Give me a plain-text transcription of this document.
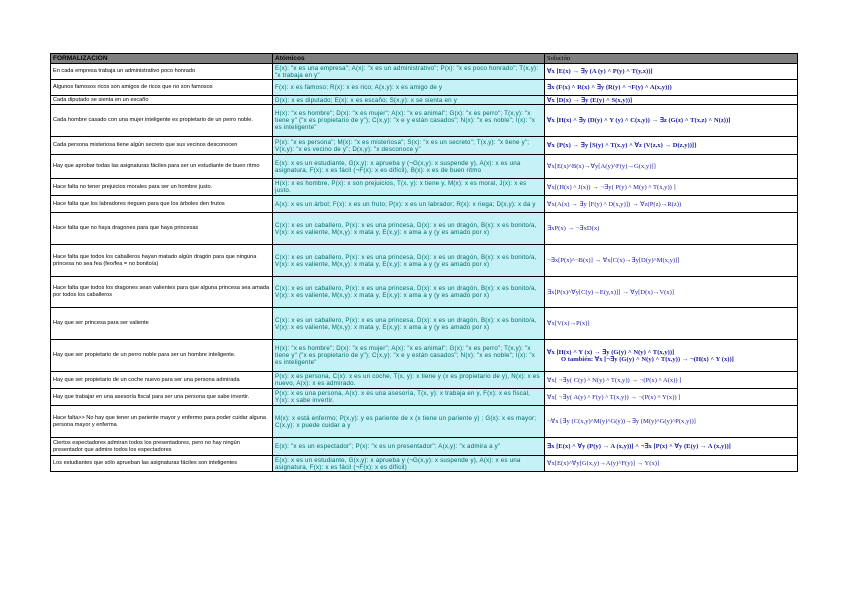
FORMALIZACION	Atómicos	Solución
En cada empresa trabaja un administrativo poco honrado	E(x): "x es una empresa"; A(x): "x es un administrativo"; P(x): "x es poco honrado"; T(x,y): "x trabaja en y"	∀x [E(x) → ∃y (A (y) ^ P(y) ^ T(y,x))]

Algunos famosos ricos son amigos de ricos que no son famosos	F(x): x es famoso; R(x): x es rico; A(x,y): x es amigo de y	∃x (F(x) ^ R(x) ^ ∃y (R(y) ^ ¬F(y) ^ A(x,y)))

Cada diputado se sienta en un escaño	D(x): x es diputado; E(x): x es escaño; S(x,y): x se sienta en y	∀x [D(x) → ∃y (E(y) ^ S(x,y))]

Cada hombre casado con una mujer inteligente es propietario de un perro noble.	H(x): "x es hombre"; D(x): "x es mujer"; A(x): "x es animal"; G(x): "x es perro"; T(x,y): "x tiene y" ("x es propietario de y"); C(x,y): "x e y están casados"; N(x): "x es noble"; I(x): "x es inteligente"	∀x [H(x) ^ ∃y (D(y) ^ Y (y) ^ C(x,y)) → ∃z (G(z) ^ T(x,z) ^ N(z))]

Cada persona misteriosa tiene algún secreto que sus vecinos desconocen	P(x): "x es persona"; M(x): "x es misteriosa"; S(x): "x es un secreto"; T(x,y): "x tiene y"; V(x,y): "x es vecino de y"; D(x,y): "x desconoce y"	∀x {P(x) → ∃y [S(y) ^ T(x,y) ^ ∀z (V(z,x) → D(z,y))]}

Hay que aprobar todas las asignaturas fáciles para ser un estudiante de buen ritmo	E(x): x es un estudiante, G(x,y): x aprueba y (¬G(x,y): x suspende y), A(x): x es una asignatura, F(x): x es fácil (¬F(x): x es difícil), B(x): x es de buen ritmo	∀x[E(x)^B(x)→∀y[A(y)^F(y)→G(x,y)]]

Hace falta no tener prejuicios morales para ser un hombre justo.	H(x): x es hombre, P(x): x son prejuicios, T(x, y): x tiene y, M(x): x es moral, J(x): x es justo.	∀x[(H(x) ^ J(x)) → ¬∃y( P(y) ^ M(y) ^ T(x,y)) ]

Hace falta que los labradores rieguen para que los árboles den frutos	A(x): x es un árbol; F(x): x es un fruto; P(x): x es un labrador; R(x): x riega; D(x,y): x da y	∀x(A(x) → ∃y [F(y) ^ D(x,y)]) → ∀z(P(z)→R(z))

Hace falta que no haya dragones para que haya princesas	C(x): x es un caballero, P(x): x es una princesa, D(x): x es un dragón, B(x): x es bonito/a, V(x): x es valiente, M(x,y): x mata y, E(x,y): x ama a y (y es amado por x)	∃xP(x) → ¬∃xD(x)

Hace falta que todos los caballeros hayan matado algún dragón para que ninguna princesa no sea fea (feo/fea = no bonito/a)	C(x): x es un caballero, P(x): x es una princesa, D(x): x es un dragón, B(x): x es bonito/a, V(x): x es valiente, M(x,y): x mata y, E(x,y): x ama a y (y es amado por x)	¬∃x[P(x)^¬B(x)] → ∀x[C(x)→∃y[D(y)^M(x,y)]]

Hace falta que todos los dragones sean valientes para que alguna princesa sea amada por todos los caballeros	C(x): x es un caballero, P(x): x es una princesa, D(x): x es un dragón, B(x): x es bonito/a, V(x): x es valiente, M(x,y): x mata y, E(x,y): x ama a y (y es amado por x)	∃x[P(x)^∀y[C(y)→E(y,x)]] → ∀y[D(x)→V(x)]

Hay que ser princesa para ser valiente	C(x): x es un caballero, P(x): x es una princesa, D(x): x es un dragón, B(x): x es bonito/a, V(x): x es valiente, M(x,y): x mata y, E(x,y): x ama a y (y es amado por x)	∀x[V(x)→P(x)]

Hay que ser propietario de un perro noble para ser un hombre inteligente.	H(x): "x es hombre"; D(x): "x es mujer"; A(x): "x es animal"; G(x): "x es perro"; T(x,y): "x tiene y" ("x es propietario de y"); C(x,y): "x e y están casados"; N(x): "x es noble"; I(x): "x es inteligente"	∀x [H(x) ^ Y (x) → ∃y (G(y) ^ N(y) ^ T(x,y))]
O también: ∀x [¬∃y (G(y) ^ N(y) ^ T(x,y)) → ¬(H(x) ^ Y (x))]

Hay que ser propietario de un coche nuevo para ser una persona admirada	P(x): x es persona, C(x): x es un coche, T(x, y): x tiene y (x es propietario de y), N(x): x es nuevo, A(x): x es admirado.	∀x[ ¬∃y( C(y) ^ N(y) ^ T(x,y)) → ¬(P(x) ^ A(x)) ]

Hay que trabajar en una asesoría fiscal para ser una persona que sabe invertir.	P(x): x es una persona, A(x): x es una asesoría, T(x, y): x trabaja en y, F(x): x es fiscal, Y(x): x sabe invertir.	∀x[ ¬∃y( A(y) ^ F(y) ^ T(x,y)) → ¬(P(x) ^ Y(x)) ]

Hace falta>> No hay que tener un pariente mayor y enfermo para poder cuidar alguna persona mayor y enferma	M(x): x está enfermo; P(x,y): y es pariente de x (x tiene un pariente y) ; G(x): x es mayor; C(x,y): x puede cuidar a y	¬∀x [∃y (C(x,y)^M(y)^G(y))→∃y (M(y)^G(y)^P(x,y))]

Ciertos espectadores admiran todos los presentadores, pero no hay ningún presentador que admire todos los espectadores	E(x): "x es un espectador"; P(x): "x es un presentador"; A(x,y): "x admira a y"	∃x [E(x) ^ ∀y (P(y) → A (x,y))] ^ ¬∃x [P(x) ^ ∀y (E(y) → A (x,y))]

Los estudiantes que sólo aprueban las asignaturas fáciles son inteligentes	E(x): x es un estudiante, G(x,y): x aprueba y (¬G(x,y): x suspende y), A(x): x es una asignatura, F(x): x es fácil (¬F(x): x es difícil)	∀x[E(x)^∀y[G(x,y)→A(y)^F(y)] → Y(x)]
